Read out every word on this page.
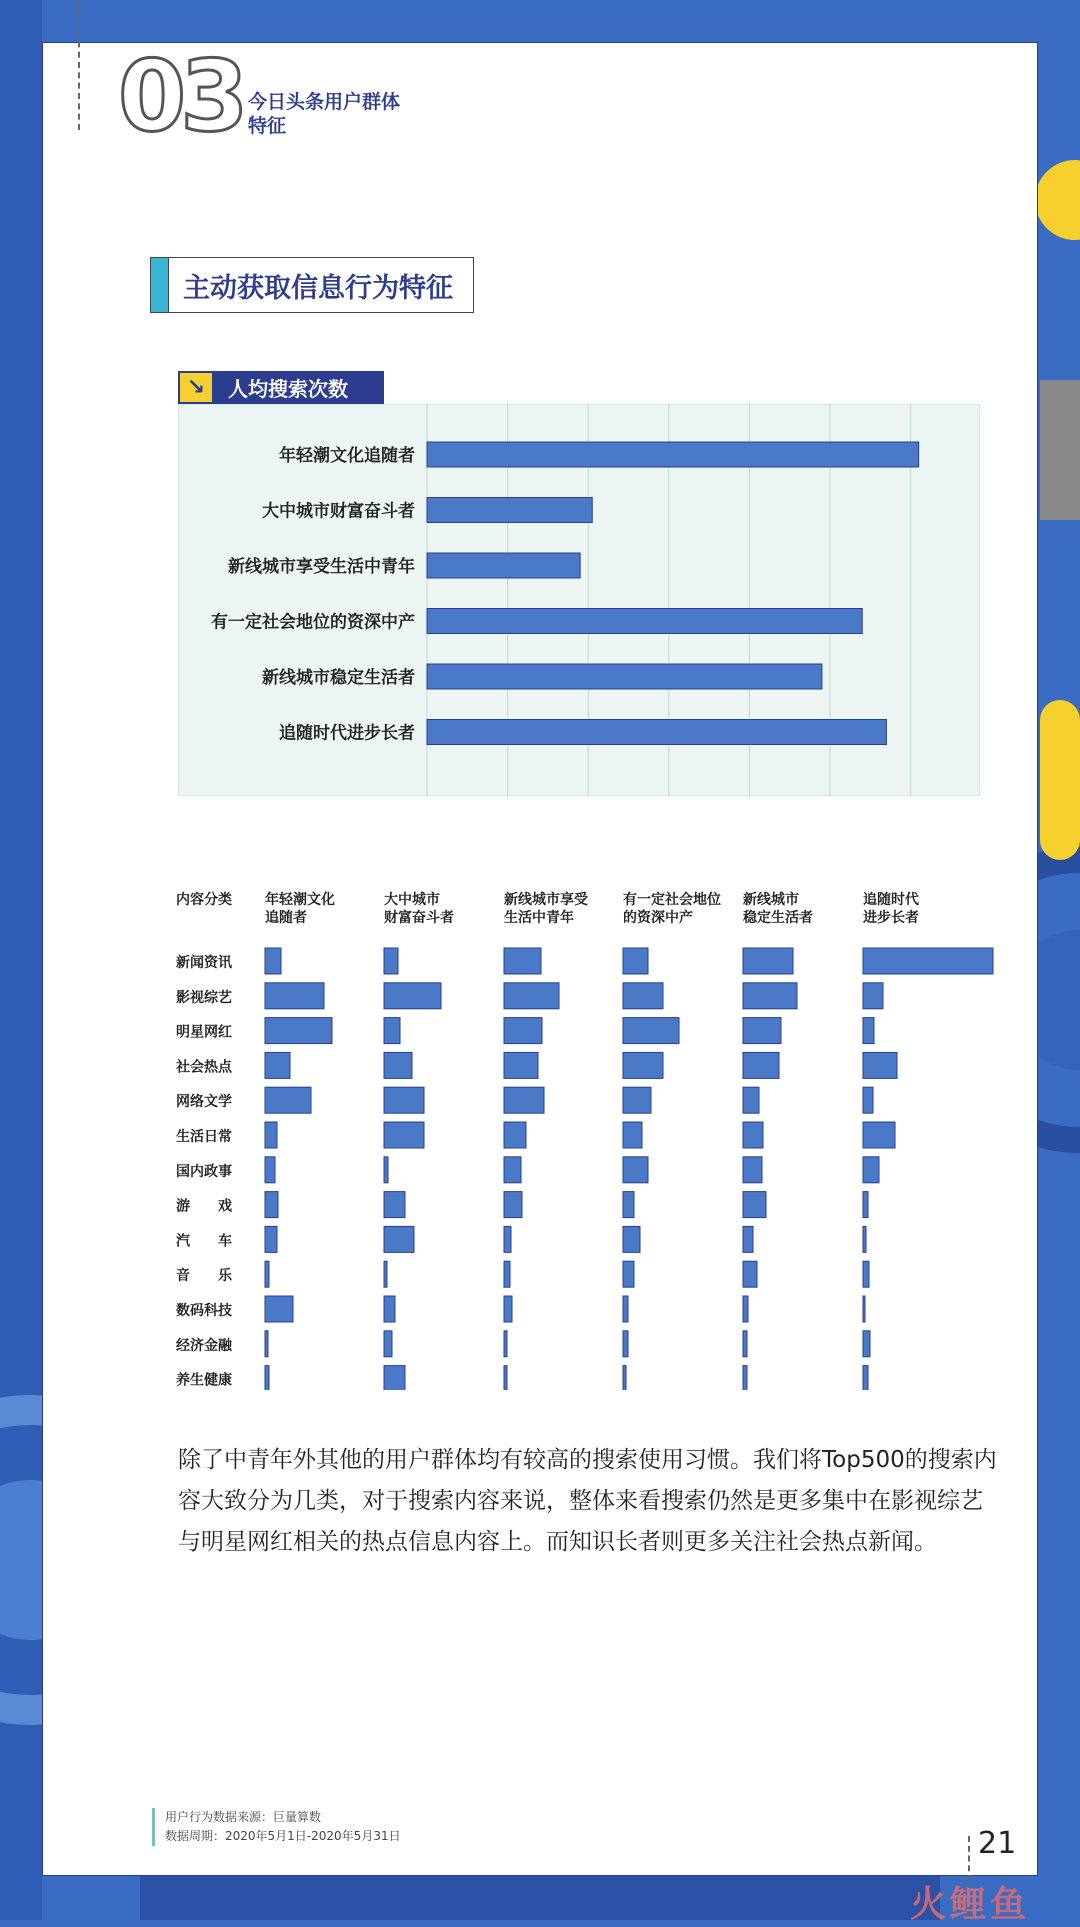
03 今日头条用户群体特征
主动获取信息行为特征
↘	人均搜索次数
年轻潮文化追随者
大中城市财富奋斗者
新线城市享受生活中青年
有一定社会地位的资深中产
新线城市稳定生活者
追随时代进步长者
内容分类 年轻潮文化
追随者
大中城市
财富奋斗者
新线城市享受
生活中青年
有一定社会地位
的资深中产
新线城市
稳定生活者
追随时代
进步长者
新闻资讯
影视综艺
明星网红
社会热点
网络文学
生活日常
国内政事
游　　戏
汽　　车
音　　乐
数码科技
经济金融
养生健康
除了中青年外其他的用户群体均有较高的搜索使用习惯。我们将Top500的搜索内容大致分为几类，对于搜索内容来说，整体来看搜索仍然是更多集中在影视综艺与明星网红相关的热点信息内容上。而知识长者则更多关注社会热点新闻。
用户行为数据来源：巨量算数
数据周期：2020年5月1日-2020年5月31日	21
火鲤鱼
